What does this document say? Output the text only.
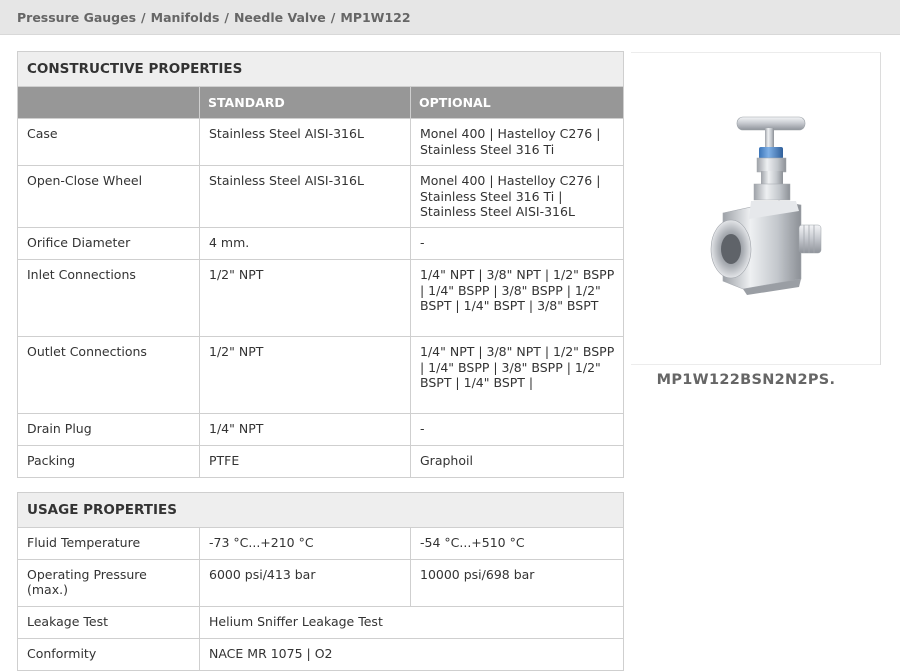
Pressure Gauges / Manifolds / Needle Valve / MP1W122
CONSTRUCTIVE PROPERTIES		
	STANDARD	OPTIONAL
Case	Stainless Steel AISI-316L	Monel 400 | Hastelloy C276 | Stainless Steel 316 Ti
Open-Close Wheel	Stainless Steel AISI-316L	Monel 400 | Hastelloy C276 | Stainless Steel 316 Ti | Stainless Steel AISI-316L
Orifice Diameter	4 mm.	-
Inlet Connections	1/2" NPT	1/4" NPT | 3/8" NPT | 1/2" BSPP | 1/4" BSPP | 3/8" BSPP | 1/2" BSPT | 1/4" BSPT | 3/8" BSPT
Outlet Connections	1/2" NPT	1/4" NPT | 3/8" NPT | 1/2" BSPP | 1/4" BSPP | 3/8" BSPP | 1/2" BSPT | 1/4" BSPT |
Drain Plug	1/4" NPT	-
Packing	PTFE	Graphoil
USAGE PROPERTIES		
Fluid Temperature	-73 °C...+210 °C	-54 °C...+510 °C
Operating Pressure (max.)	6000 psi/413 bar	10000 psi/698 bar
Leakage Test	Helium Sniffer Leakage Test	
Conformity	NACE MR 1075 | O2	
MP1W122BSN2N2PS.
